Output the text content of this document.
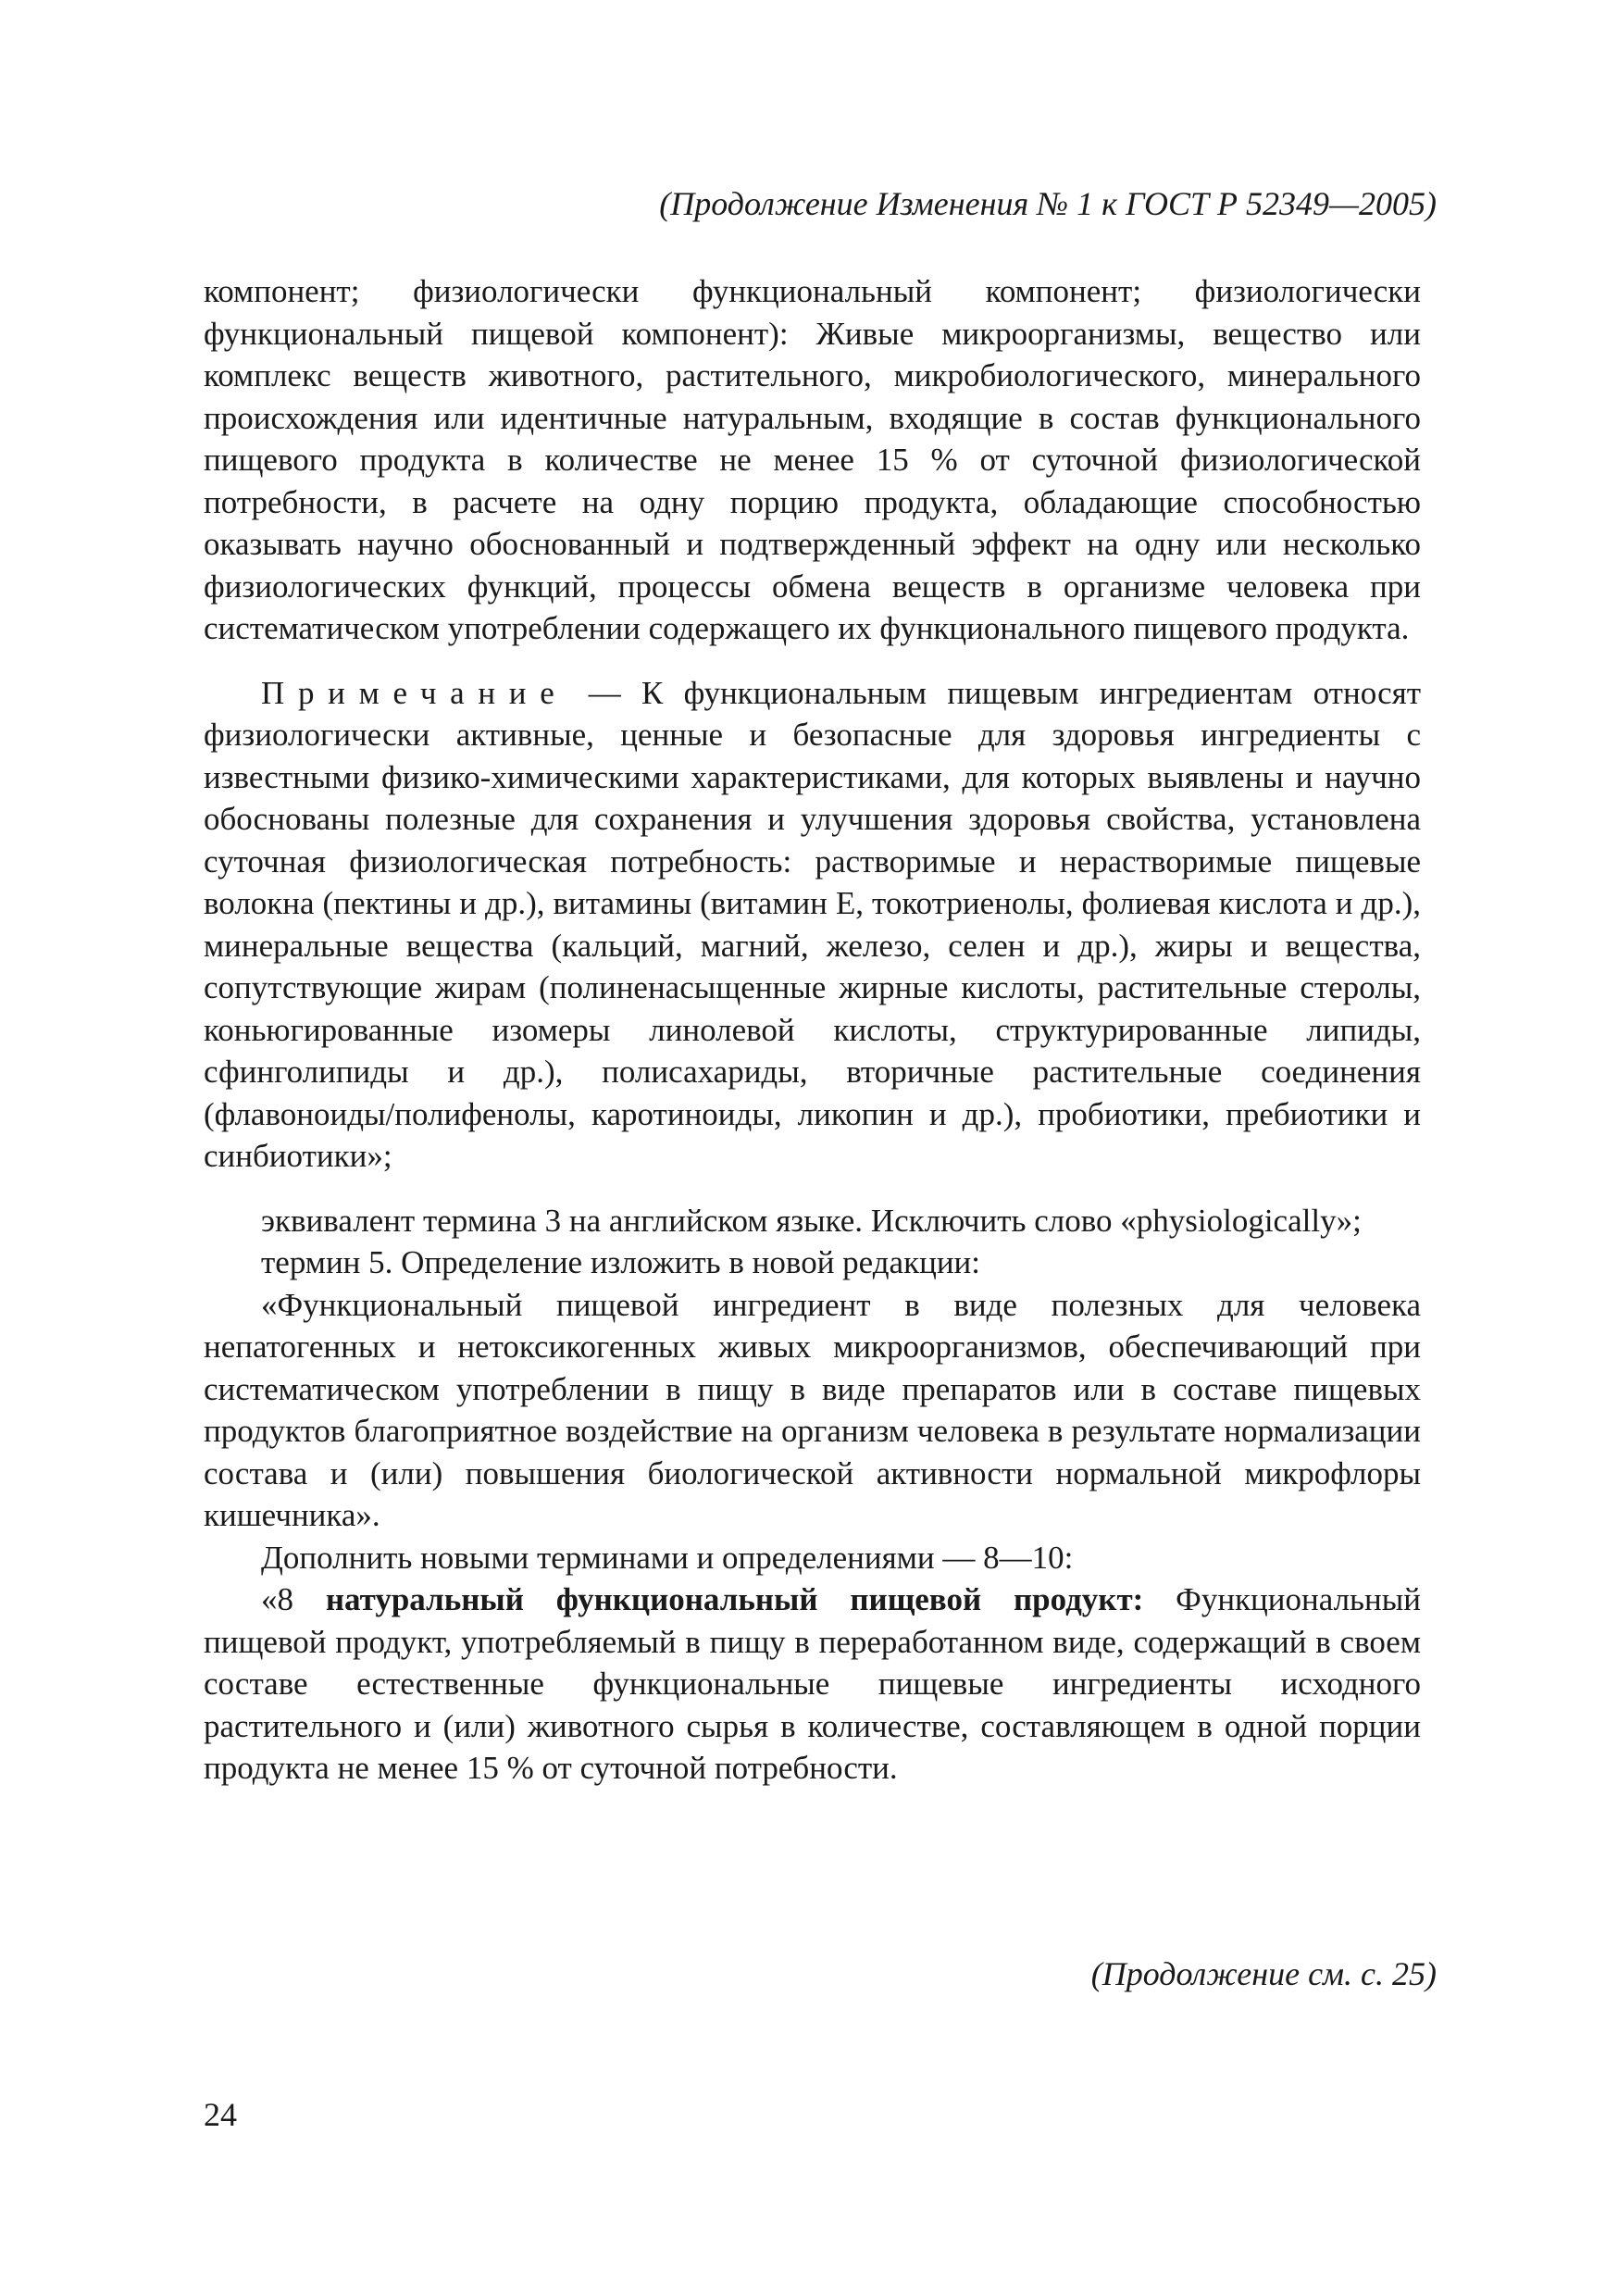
(Продолжение Изменения № 1 к ГОСТ Р 52349—2005)

компонент; физиологически функциональный компонент; физиологически функциональный пищевой компонент): Живые микроорганизмы, вещество или комплекс веществ животного, растительного, микробиологического, минерального происхождения или идентичные натуральным, входящие в состав функционального пищевого продукта в количестве не менее 15 % от суточной физиологической потребности, в расчете на одну порцию продукта, обладающие способностью оказывать научно обоснованный и подтвержденный эффект на одну или несколько физиологических функций, процессы обмена веществ в организме человека при систематическом употреблении содержащего их функционального пищевого продукта.

Примечание — К функциональным пищевым ингредиентам относят физиологически активные, ценные и безопасные для здоровья ингредиенты с известными физико-химическими характеристиками, для которых выявлены и научно обоснованы полезные для сохранения и улучшения здоровья свойства, установлена суточная физиологическая потребность: растворимые и нерастворимые пищевые волокна (пектины и др.), витамины (витамин Е, токотриенолы, фолиевая кислота и др.), минеральные вещества (кальций, магний, железо, селен и др.), жиры и вещества, сопутствующие жирам (полиненасыщенные жирные кислоты, растительные стеролы, коньюгированные изомеры линолевой кислоты, структурированные липиды, сфинголипиды и др.), полисахариды, вторичные растительные соединения (флавоноиды/полифенолы, каротиноиды, ликопин и др.), пробиотики, пребиотики и синбиотики»;

эквивалент термина 3 на английском языке. Исключить слово «physiologically»;

термин 5. Определение изложить в новой редакции:

«Функциональный пищевой ингредиент в виде полезных для человека непатогенных и нетоксикогенных живых микроорганизмов, обеспечивающий при систематическом употреблении в пищу в виде препаратов или в составе пищевых продуктов благоприятное воздействие на организм человека в результате нормализации состава и (или) повышения биологической активности нормальной микрофлоры кишечника».

Дополнить новыми терминами и определениями — 8—10:

«8 натуральный функциональный пищевой продукт: Функциональный пищевой продукт, употребляемый в пищу в переработанном виде, содержащий в своем составе естественные функциональные пищевые ингредиенты исходного растительного и (или) животного сырья в количестве, составляющем в одной порции продукта не менее 15 % от суточной потребности.

(Продолжение см. с. 25)
24
